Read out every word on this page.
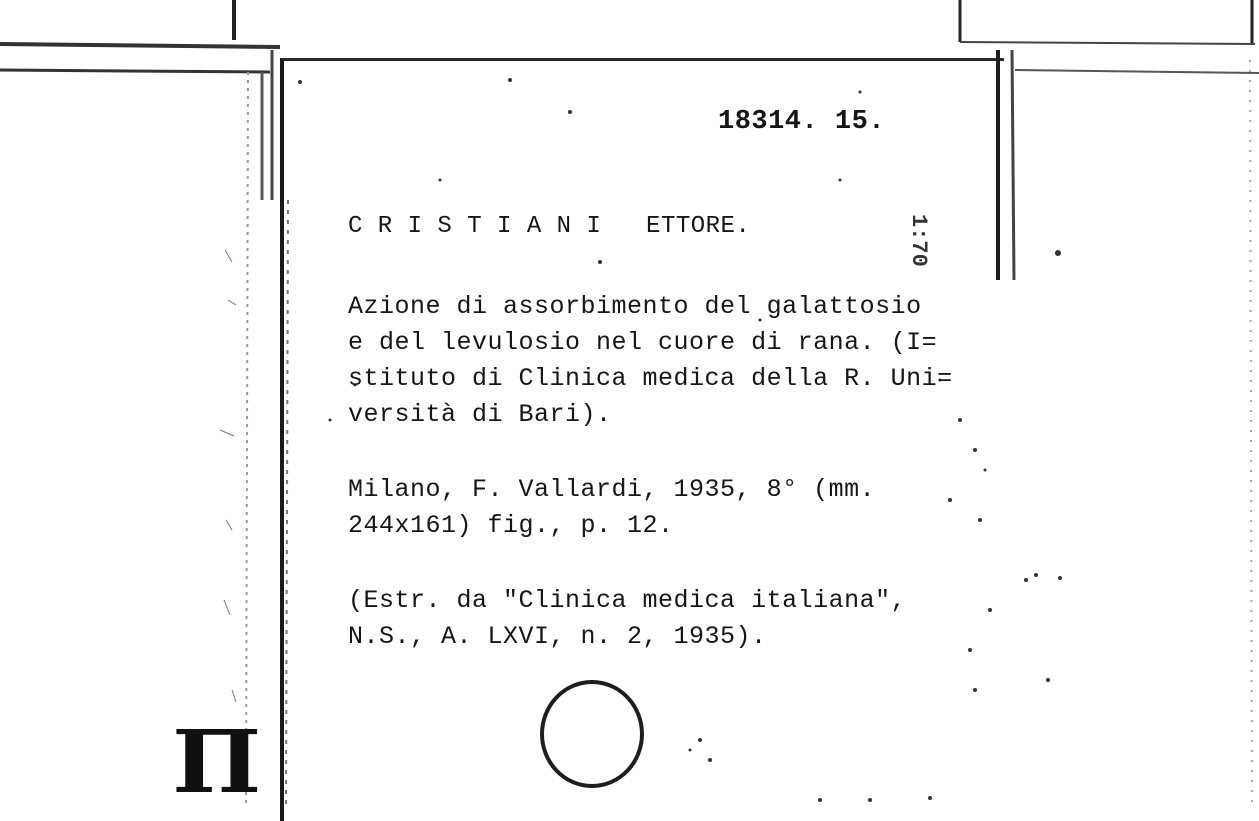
18314. 15.
C R I S T I A N I   ETTORE.	1:70
Azione di assorbimento del galattosio
e del levulosio nel cuore di rana. (I=
stituto di Clinica medica della R. Uni=
versità di Bari).
Milano, F. Vallardi, 1935, 8° (mm.
244x161) fig., p. 12.
(Estr. da "Clinica medica italiana",
N.S., A. LXVI, n. 2, 1935).
Π
